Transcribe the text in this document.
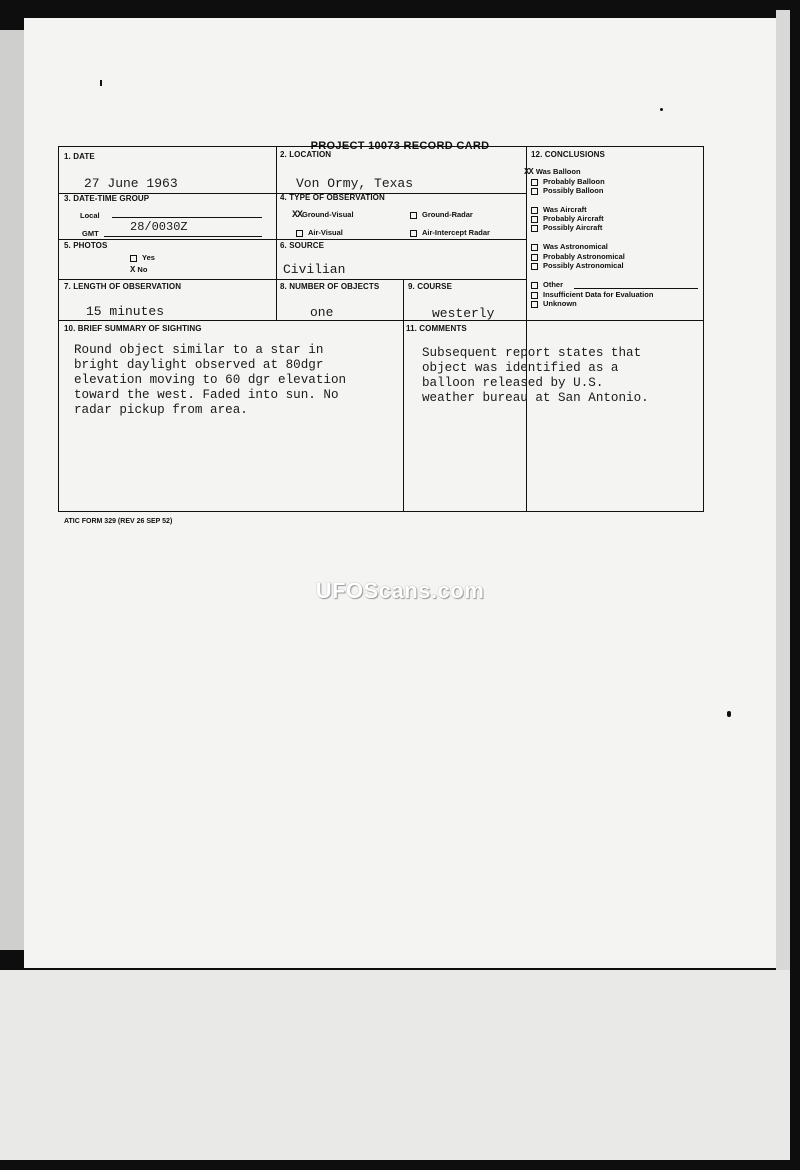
PROJECT 10073 RECORD CARD
1. DATE
27 June 1963
2. LOCATION
Von Ormy, Texas
3. DATE-TIME GROUP
Local
GMT	28/0030Z
4. TYPE OF OBSERVATION
XXGround-Visual	Ground-Radar
Air-Visual	Air-Intercept Radar
5. PHOTOS
Yes
X No
6. SOURCE
Civilian
7. LENGTH OF OBSERVATION
15 minutes
8. NUMBER OF OBJECTS
one
9. COURSE
westerly
10. BRIEF SUMMARY OF SIGHTING
Round object similar to a star in
bright daylight observed at 80dgr
elevation moving to 60 dgr elevation
toward the west. Faded into sun. No
radar pickup from area.
11. COMMENTS
Subsequent report states that
object was identified as a
balloon released by U.S.
weather bureau at San Antonio.
12. CONCLUSIONS
XX Was Balloon
Probably Balloon
Possibly Balloon
Was Aircraft
Probably Aircraft
Possibly Aircraft
Was Astronomical
Probably Astronomical
Possibly Astronomical
Other
Insufficient Data for Evaluation
Unknown
ATIC FORM 329 (REV 26 SEP 52)
UFOScans.com
